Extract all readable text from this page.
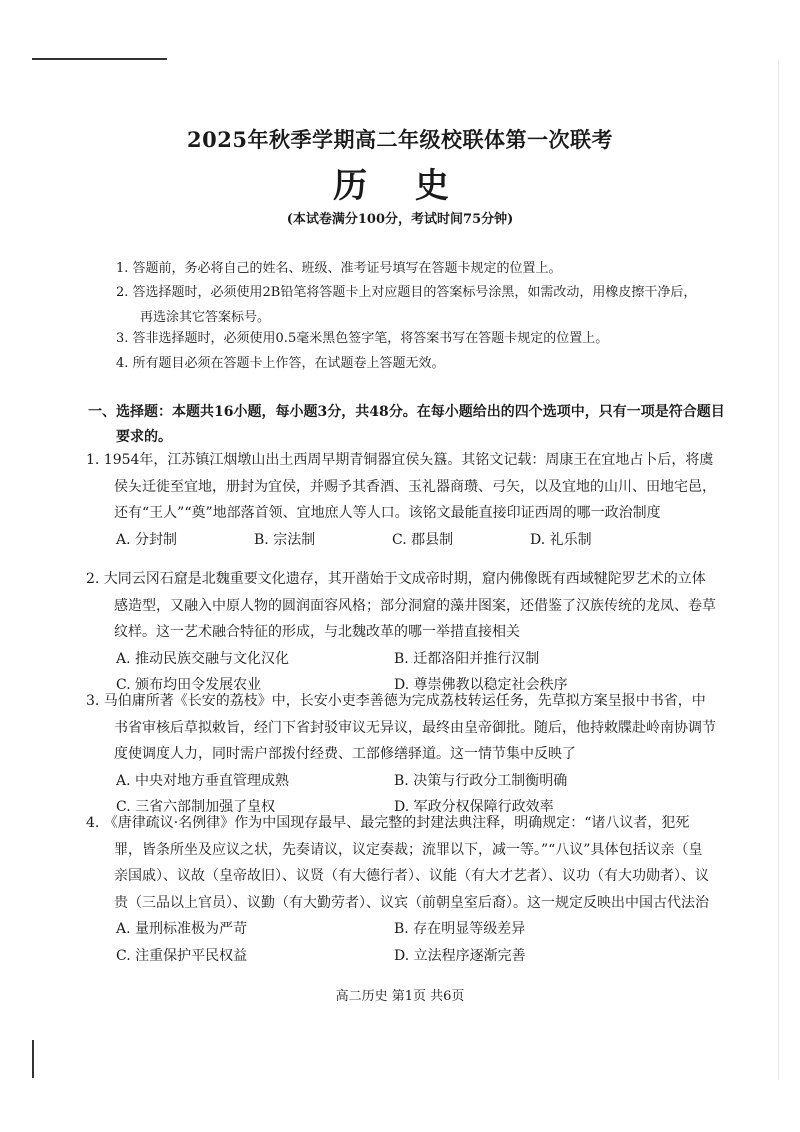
2025年秋季学期高二年级校联体第一次联考
历 史
(本试卷满分100分，考试时间75分钟)
1. 答题前，务必将自己的姓名、班级、准考证号填写在答题卡规定的位置上。
2. 答选择题时，必须使用2B铅笔将答题卡上对应题目的答案标号涂黑，如需改动，用橡皮擦干净后，再选涂其它答案标号。
3. 答非选择题时，必须使用0.5毫米黑色签字笔，将答案书写在答题卡规定的位置上。
4. 所有题目必须在答题卡上作答，在试题卷上答题无效。
一、选择题：本题共16小题，每小题3分，共48分。在每小题给出的四个选项中，只有一项是符合题目要求的。
1. 1954年，江苏镇江烟墩山出土西周早期青铜器宜侯夨簋。其铭文记载：周康王在宜地占卜后，将虞侯夨迁徙至宜地，册封为宜侯，并赐予其香酒、玉礼器商瓒、弓矢，以及宜地的山川、田地宅邑，还有“王人”“奠”地部落首领、宜地庶人等人口。该铭文最能直接印证西周的哪一政治制度
A. 分封制	B. 宗法制	C. 郡县制	D. 礼乐制
2. 大同云冈石窟是北魏重要文化遗存，其开凿始于文成帝时期，窟内佛像既有西域犍陀罗艺术的立体感造型，又融入中原人物的圆润面容风格；部分洞窟的藻井图案，还借鉴了汉族传统的龙凤、卷草纹样。这一艺术融合特征的形成，与北魏改革的哪一举措直接相关
A. 推动民族交融与文化汉化	B. 迁都洛阳并推行汉制
C. 颁布均田令发展农业	D. 尊崇佛教以稳定社会秩序
3. 马伯庸所著《长安的荔枝》中，长安小吏李善德为完成荔枝转运任务，先草拟方案呈报中书省，中书省审核后草拟敕旨，经门下省封驳审议无异议，最终由皇帝御批。随后，他持敕牒赴岭南协调节度使调度人力，同时需户部拨付经费、工部修缮驿道。这一情节集中反映了
A. 中央对地方垂直管理成熟	B. 决策与行政分工制衡明确
C. 三省六部制加强了皇权	D. 军政分权保障行政效率
4. 《唐律疏议·名例律》作为中国现存最早、最完整的封建法典注释，明确规定：“诸八议者，犯死罪，皆条所坐及应议之状，先奏请议，议定奏裁；流罪以下，减一等。”“八议”具体包括议亲（皇亲国戚）、议故（皇帝故旧）、议贤（有大德行者）、议能（有大才艺者）、议功（有大功勋者）、议贵（三品以上官员）、议勤（有大勤劳者）、议宾（前朝皇室后裔）。这一规定反映出中国古代法治
A. 量刑标准极为严苛	B. 存在明显等级差异
C. 注重保护平民权益	D. 立法程序逐渐完善
高二历史 第1页 共6页
